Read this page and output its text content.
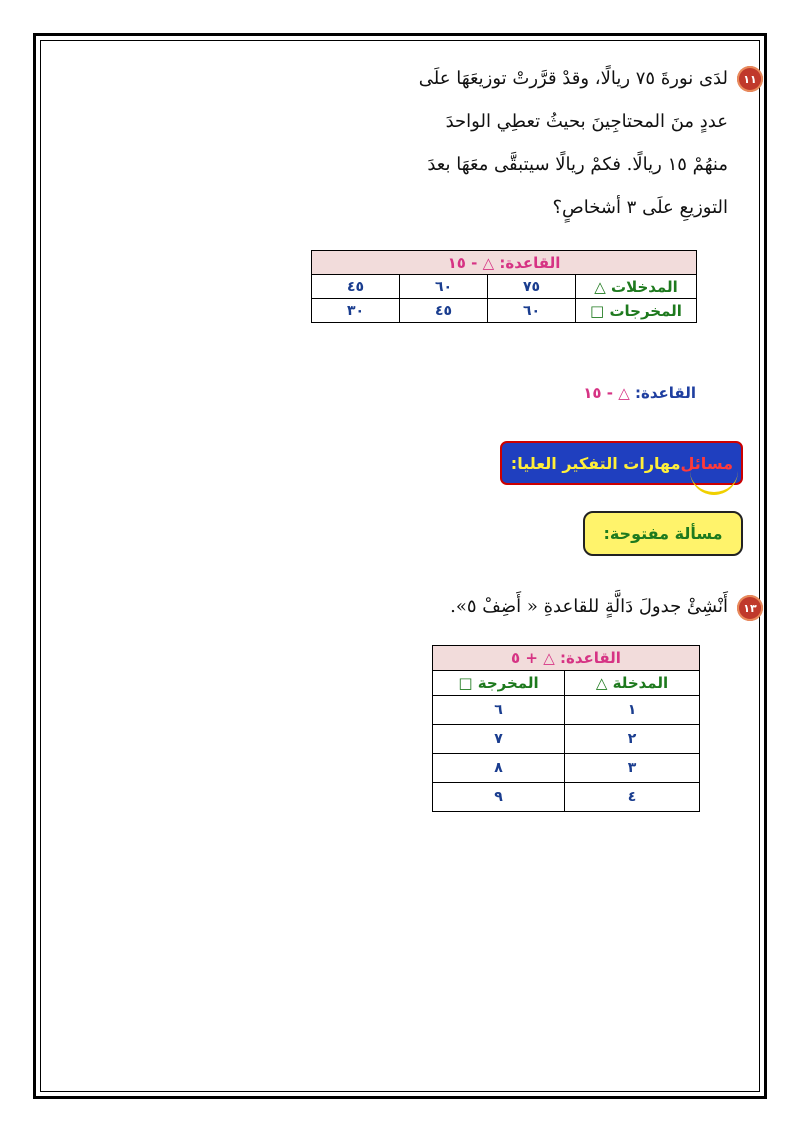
١١
لدَى نورةَ ٧٥ ريالًا، وقدْ قرَّرتْ توزيعَهَا علَى
عددٍ منَ المحتاجِينَ بحيثُ تعطِي الواحدَ
منهُمْ ١٥ ريالًا. فكمْ ريالًا سيتبقَّى معَهَا بعدَ
التوزيعِ علَى ٣ أشخاصٍ؟
القاعدة: △ - ١٥			
المدخلات △	٧٥	٦٠	٤٥
المخرجات □	٦٠	٤٥	٣٠
القاعدة: △ - ١٥
مسائل
مهارات التفكير العليا:
مسألة مفتوحة:
١٣
أَنْشِئْ جدولَ دَالَّةٍ للقاعدةِ « أَضِفْ ٥».
القاعدة: △ + ٥	
المدخلة △	المخرجة □
١	٦
٢	٧
٣	٨
٤	٩
